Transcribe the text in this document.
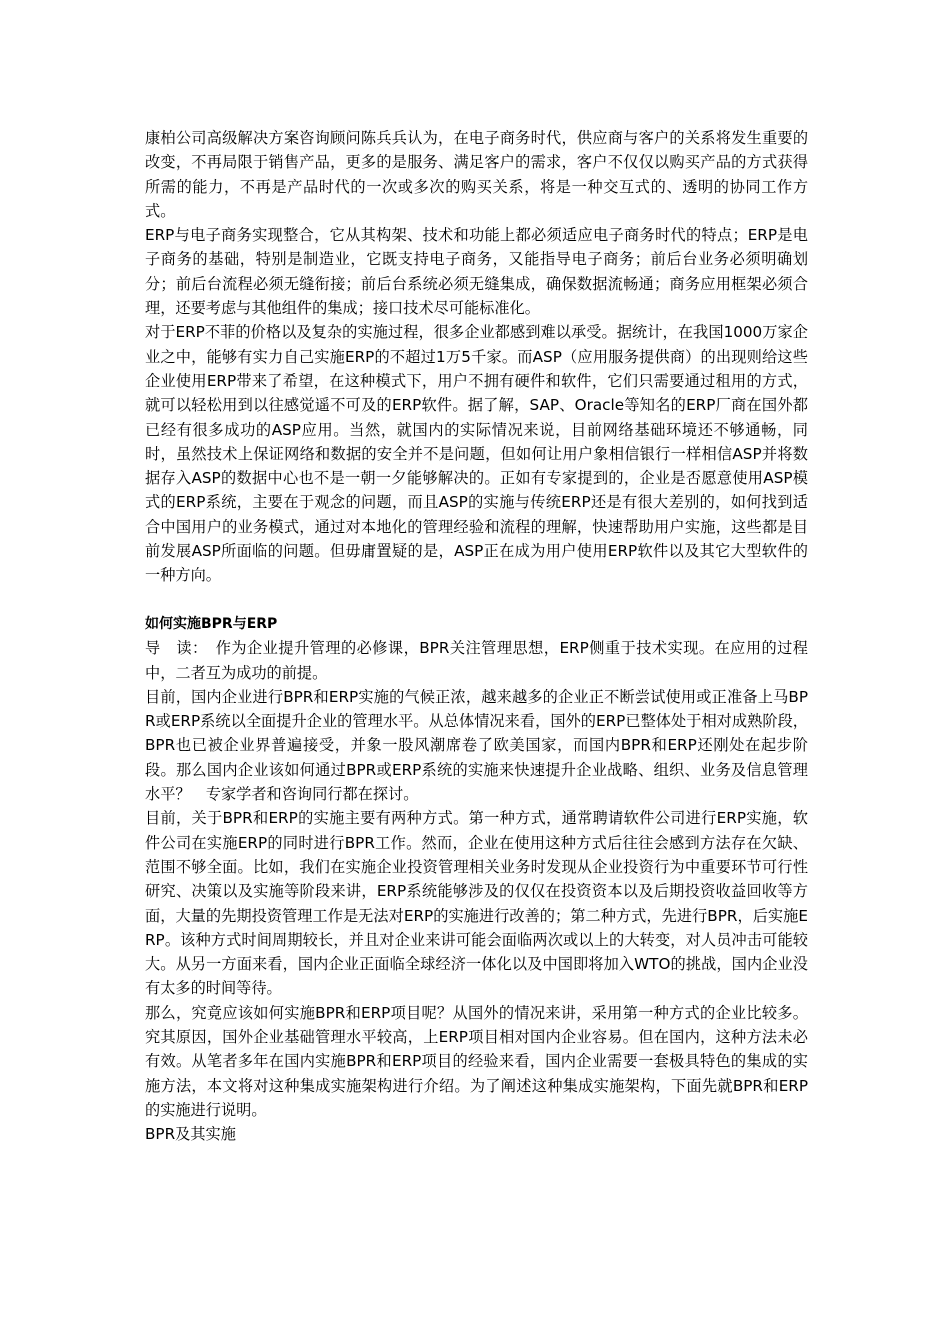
康柏公司高级解决方案咨询顾问陈兵兵认为，在电子商务时代，供应商与客户的关系将发生重要的改变，不再局限于销售产品，更多的是服务、满足客户的需求，客户不仅仅以购买产品的方式获得所需的能力，不再是产品时代的一次或多次的购买关系，将是一种交互式的、透明的协同工作方式。

ERP与电子商务实现整合，它从其构架、技术和功能上都必须适应电子商务时代的特点；ERP是电子商务的基础，特别是制造业，它既支持电子商务，又能指导电子商务；前后台业务必须明确划分；前后台流程必须无缝衔接；前后台系统必须无缝集成，确保数据流畅通；商务应用框架必须合理，还要考虑与其他组件的集成；接口技术尽可能标准化。

对于ERP不菲的价格以及复杂的实施过程，很多企业都感到难以承受。据统计，在我国1000万家企业之中，能够有实力自己实施ERP的不超过1万5千家。而ASP（应用服务提供商）的出现则给这些企业使用ERP带来了希望，在这种模式下，用户不拥有硬件和软件，它们只需要通过租用的方式，就可以轻松用到以往感觉遥不可及的ERP软件。据了解，SAP、Oracle等知名的ERP厂商在国外都已经有很多成功的ASP应用。当然，就国内的实际情况来说，目前网络基础环境还不够通畅，同时，虽然技术上保证网络和数据的安全并不是问题，但如何让用户象相信银行一样相信ASP并将数据存入ASP的数据中心也不是一朝一夕能够解决的。正如有专家提到的，企业是否愿意使用ASP模式的ERP系统，主要在于观念的问题，而且ASP的实施与传统ERP还是有很大差别的，如何找到适合中国用户的业务模式，通过对本地化的管理经验和流程的理解，快速帮助用户实施，这些都是目前发展ASP所面临的问题。但毋庸置疑的是，ASP正在成为用户使用ERP软件以及其它大型软件的一种方向。

如何实施BPR与ERP

导　读：　作为企业提升管理的必修课，BPR关注管理思想，ERP侧重于技术实现。在应用的过程中，二者互为成功的前提。

目前，国内企业进行BPR和ERP实施的气候正浓，越来越多的企业正不断尝试使用或正准备上马BPR或ERP系统以全面提升企业的管理水平。从总体情况来看，国外的ERP已整体处于相对成熟阶段，BPR也已被企业界普遍接受，并象一股风潮席卷了欧美国家，而国内BPR和ERP还刚处在起步阶段。那么国内企业该如何通过BPR或ERP系统的实施来快速提升企业战略、组织、业务及信息管理水平？　专家学者和咨询同行都在探讨。

目前，关于BPR和ERP的实施主要有两种方式。第一种方式，通常聘请软件公司进行ERP实施，软件公司在实施ERP的同时进行BPR工作。然而，企业在使用这种方式后往往会感到方法存在欠缺、范围不够全面。比如，我们在实施企业投资管理相关业务时发现从企业投资行为中重要环节可行性研究、决策以及实施等阶段来讲，ERP系统能够涉及的仅仅在投资资本以及后期投资收益回收等方面，大量的先期投资管理工作是无法对ERP的实施进行改善的；第二种方式，先进行BPR，后实施ERP。该种方式时间周期较长，并且对企业来讲可能会面临两次或以上的大转变，对人员冲击可能较大。从另一方面来看，国内企业正面临全球经济一体化以及中国即将加入WTO的挑战，国内企业没有太多的时间等待。

那么，究竟应该如何实施BPR和ERP项目呢？从国外的情况来讲，采用第一种方式的企业比较多。究其原因，国外企业基础管理水平较高，上ERP项目相对国内企业容易。但在国内，这种方法未必有效。从笔者多年在国内实施BPR和ERP项目的经验来看，国内企业需要一套极具特色的集成的实施方法，本文将对这种集成实施架构进行介绍。为了阐述这种集成实施架构，下面先就BPR和ERP的实施进行说明。

BPR及其实施
